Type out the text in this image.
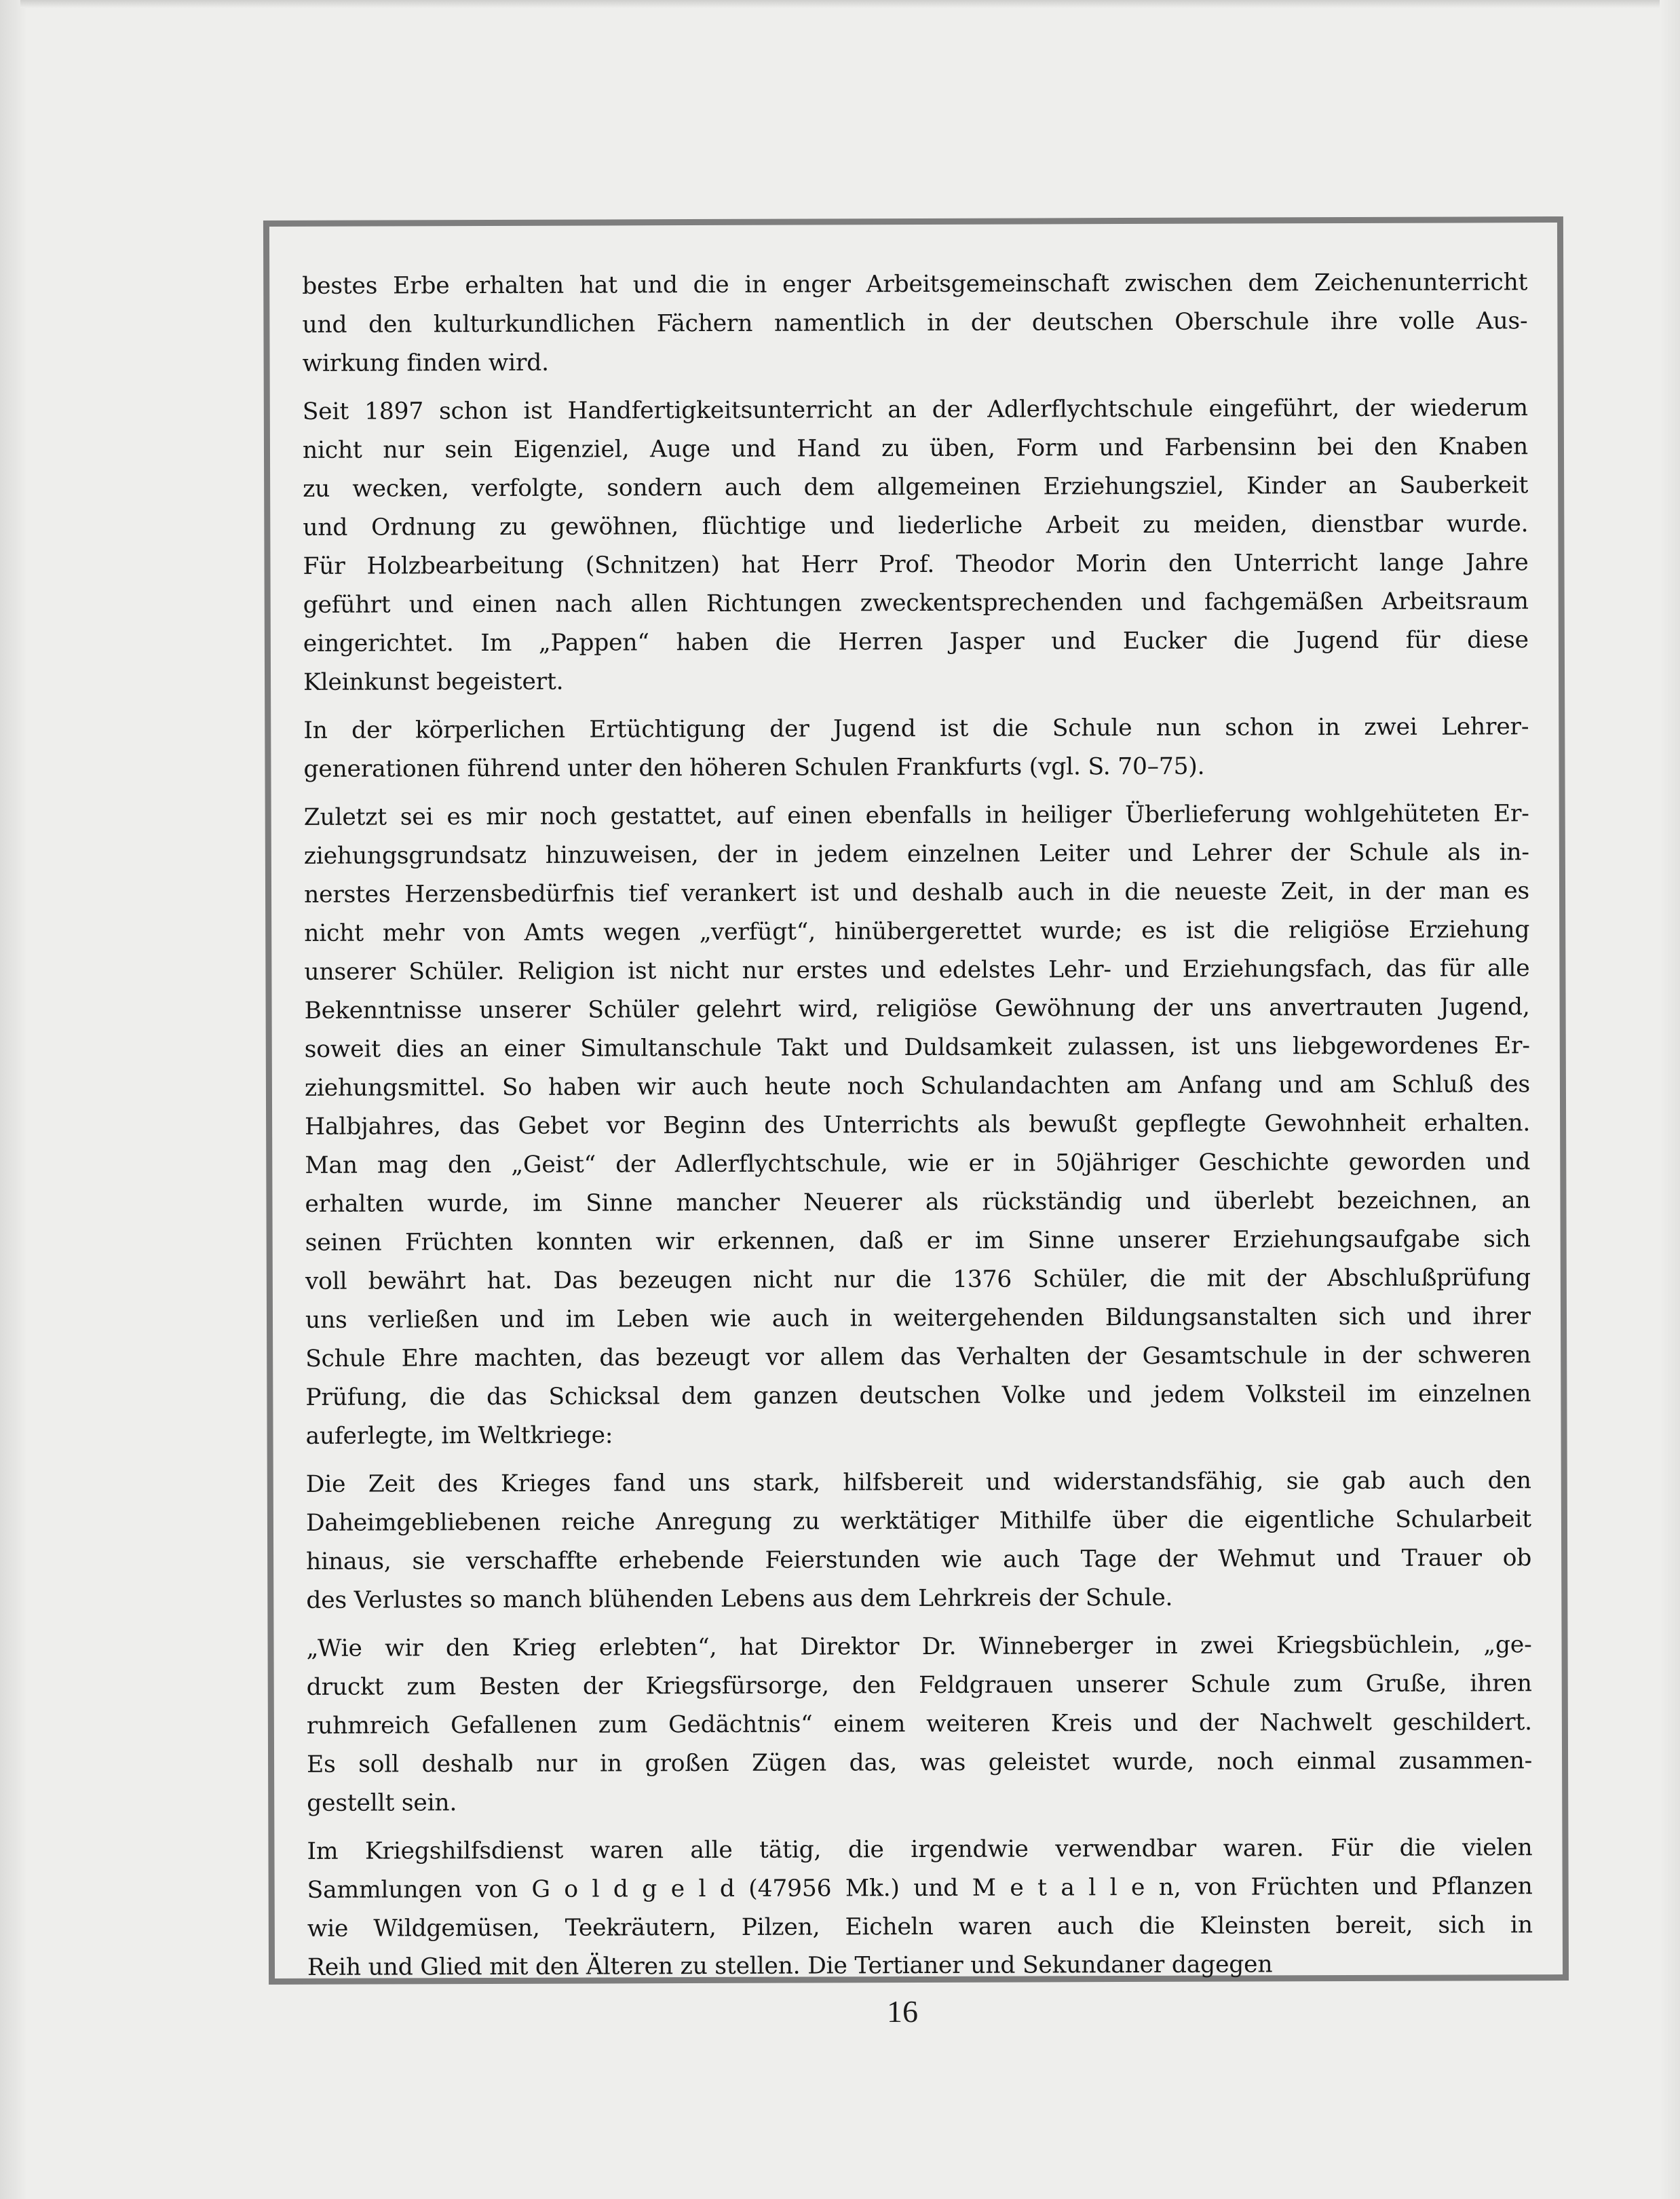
bestes Erbe erhalten hat und die in enger Arbeitsgemeinschaft zwischen dem Zeichenunterricht
und den kulturkundlichen Fächern namentlich in der deutschen Oberschule ihre volle Aus-
wirkung finden wird.
Seit 1897 schon ist Handfertigkeitsunterricht an der Adlerflychtschule eingeführt, der wiederum
nicht nur sein Eigenziel, Auge und Hand zu üben, Form und Farbensinn bei den Knaben
zu wecken, verfolgte, sondern auch dem allgemeinen Erziehungsziel, Kinder an Sauberkeit
und Ordnung zu gewöhnen, flüchtige und liederliche Arbeit zu meiden, dienstbar wurde.
Für Holzbearbeitung (Schnitzen) hat Herr Prof. Theodor Morin den Unterricht lange Jahre
geführt und einen nach allen Richtungen zweckentsprechenden und fachgemäßen Arbeitsraum
eingerichtet. Im „Pappen“ haben die Herren Jasper und Eucker die Jugend für diese
Kleinkunst begeistert.
In der körperlichen Ertüchtigung der Jugend ist die Schule nun schon in zwei Lehrer-
generationen führend unter den höheren Schulen Frankfurts (vgl. S. 70–75).
Zuletzt sei es mir noch gestattet, auf einen ebenfalls in heiliger Überlieferung wohlgehüteten Er-
ziehungsgrundsatz hinzuweisen, der in jedem einzelnen Leiter und Lehrer der Schule als in-
nerstes Herzensbedürfnis tief verankert ist und deshalb auch in die neueste Zeit, in der man es
nicht mehr von Amts wegen „verfügt“, hinübergerettet wurde; es ist die religiöse Erziehung
unserer Schüler. Religion ist nicht nur erstes und edelstes Lehr- und Erziehungsfach, das für alle
Bekenntnisse unserer Schüler gelehrt wird, religiöse Gewöhnung der uns anvertrauten Jugend,
soweit dies an einer Simultanschule Takt und Duldsamkeit zulassen, ist uns liebgewordenes Er-
ziehungsmittel. So haben wir auch heute noch Schulandachten am Anfang und am Schluß des
Halbjahres, das Gebet vor Beginn des Unterrichts als bewußt gepflegte Gewohnheit erhalten.
Man mag den „Geist“ der Adlerflychtschule, wie er in 50jähriger Geschichte geworden und
erhalten wurde, im Sinne mancher Neuerer als rückständig und überlebt bezeichnen, an
seinen Früchten konnten wir erkennen, daß er im Sinne unserer Erziehungsaufgabe sich
voll bewährt hat. Das bezeugen nicht nur die 1376 Schüler, die mit der Abschlußprüfung
uns verließen und im Leben wie auch in weitergehenden Bildungsanstalten sich und ihrer
Schule Ehre machten, das bezeugt vor allem das Verhalten der Gesamtschule in der schweren
Prüfung, die das Schicksal dem ganzen deutschen Volke und jedem Volksteil im einzelnen
auferlegte, im Weltkriege:
Die Zeit des Krieges fand uns stark, hilfsbereit und widerstandsfähig, sie gab auch den
Daheimgebliebenen reiche Anregung zu werktätiger Mithilfe über die eigentliche Schularbeit
hinaus, sie verschaffte erhebende Feierstunden wie auch Tage der Wehmut und Trauer ob
des Verlustes so manch blühenden Lebens aus dem Lehrkreis der Schule.
„Wie wir den Krieg erlebten“, hat Direktor Dr. Winneberger in zwei Kriegsbüchlein, „ge-
druckt zum Besten der Kriegsfürsorge, den Feldgrauen unserer Schule zum Gruße, ihren
ruhmreich Gefallenen zum Gedächtnis“ einem weiteren Kreis und der Nachwelt geschildert.
Es soll deshalb nur in großen Zügen das, was geleistet wurde, noch einmal zusammen-
gestellt sein.
Im Kriegshilfsdienst waren alle tätig, die irgendwie verwendbar waren. Für die vielen
Sammlungen von G o l d g e l d (47956 Mk.) und M e t a l l e n, von Früchten und Pflanzen
wie Wildgemüsen, Teekräutern, Pilzen, Eicheln waren auch die Kleinsten bereit, sich in
Reih und Glied mit den Älteren zu stellen. Die Tertianer und Sekundaner dagegen
16
